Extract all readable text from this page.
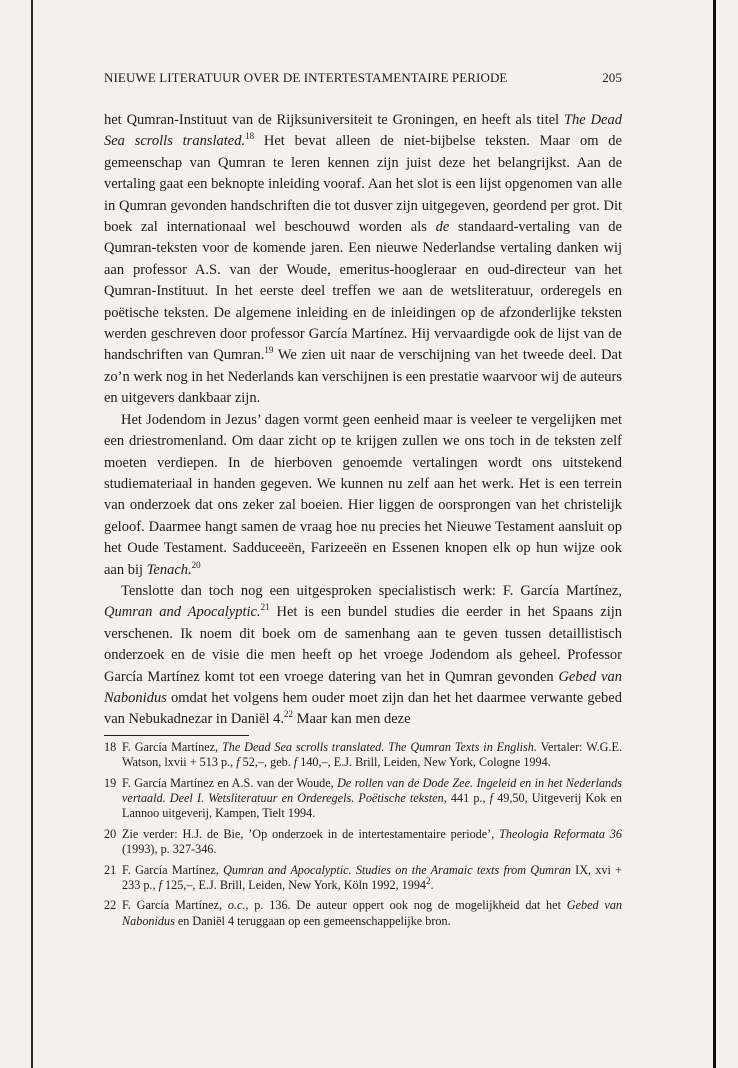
NIEUWE LITERATUUR OVER DE INTERTESTAMENTAIRE PERIODE	205

het Qumran-Instituut van de Rijksuniversiteit te Groningen, en heeft als titel The Dead Sea scrolls translated.$^{18}$ Het bevat alleen de niet-bijbelse teksten. Maar om de gemeenschap van Qumran te leren kennen zijn juist deze het belangrijkst. Aan de vertaling gaat een beknopte inleiding vooraf. Aan het slot is een lijst opgenomen van alle in Qumran gevonden handschriften die tot dusver zijn uitgegeven, geordend per grot. Dit boek zal internationaal wel beschouwd worden als de standaard-vertaling van de Qumran-teksten voor de komende jaren. Een nieuwe Nederlandse vertaling danken wij aan professor A.S. van der Woude, emeritus-hoogleraar en oud-directeur van het Qumran-Instituut. In het eerste deel treffen we aan de wetsliteratuur, orderegels en poëtische teksten. De algemene inleiding en de inleidingen op de afzonderlijke teksten werden geschreven door professor García Martínez. Hij vervaardigde ook de lijst van de handschriften van Qumran.$^{19}$ We zien uit naar de verschijning van het tweede deel. Dat zo’n werk nog in het Nederlands kan verschijnen is een prestatie waarvoor wij de auteurs en uitgevers dankbaar zijn.

Het Jodendom in Jezus’ dagen vormt geen eenheid maar is veeleer te vergelijken met een driestromenland. Om daar zicht op te krijgen zullen we ons toch in de teksten zelf moeten verdiepen. In de hierboven genoemde vertalingen wordt ons uitstekend studiemateriaal in handen gegeven. We kunnen nu zelf aan het werk. Het is een terrein van onderzoek dat ons zeker zal boeien. Hier liggen de oorsprongen van het christelijk geloof. Daarmee hangt samen de vraag hoe nu precies het Nieuwe Testament aansluit op het Oude Testament. Sadduceeën, Farizeeën en Essenen knopen elk op hun wijze ook aan bij Tenach.$^{20}$

Tenslotte dan toch nog een uitgesproken specialistisch werk: F. García Martínez, Qumran and Apocalyptic.$^{21}$ Het is een bundel studies die eerder in het Spaans zijn verschenen. Ik noem dit boek om de samenhang aan te geven tussen detaillistisch onderzoek en de visie die men heeft op het vroege Jodendom als geheel. Professor García Martínez komt tot een vroege datering van het in Qumran gevonden Gebed van Nabonidus omdat het volgens hem ouder moet zijn dan het het daarmee verwante gebed van Nebukadnezar in Daniël 4.22 Maar kan men deze

18 F. García Martínez, The Dead Sea scrolls translated. The Qumran Texts in English. Vertaler: W.G.E. Watson, lxvii + 513 p., f 52,–, geb. f 140,–, E.J. Brill, Leiden, New York, Cologne 1994.
19 F. García Martínez en A.S. van der Woude, De rollen van de Dode Zee. Ingeleid en in het Nederlands vertaald. Deel I. Wetsliteratuur en Orderegels. Poëtische teksten, 441 p., f 49,50, Uitgeverij Kok en Lannoo uitgeverij, Kampen, Tielt 1994.
20 Zie verder: H.J. de Bie, ’Op onderzoek in de intertestamentaire periode’, Theologia Reformata 36 (1993), p. 327-346.
21 F. García Martínez, Qumran and Apocalyptic. Studies on the Aramaic texts from Qumran IX, xvi + 233 p., f 125,–, E.J. Brill, Leiden, New York, Köln 1992, 1994$^2$.
22 F. García Martínez, o.c., p. 136. De auteur oppert ook nog de mogelijkheid dat het Gebed van Nabonidus en Daniël 4 teruggaan op een gemeenschappelijke bron.
